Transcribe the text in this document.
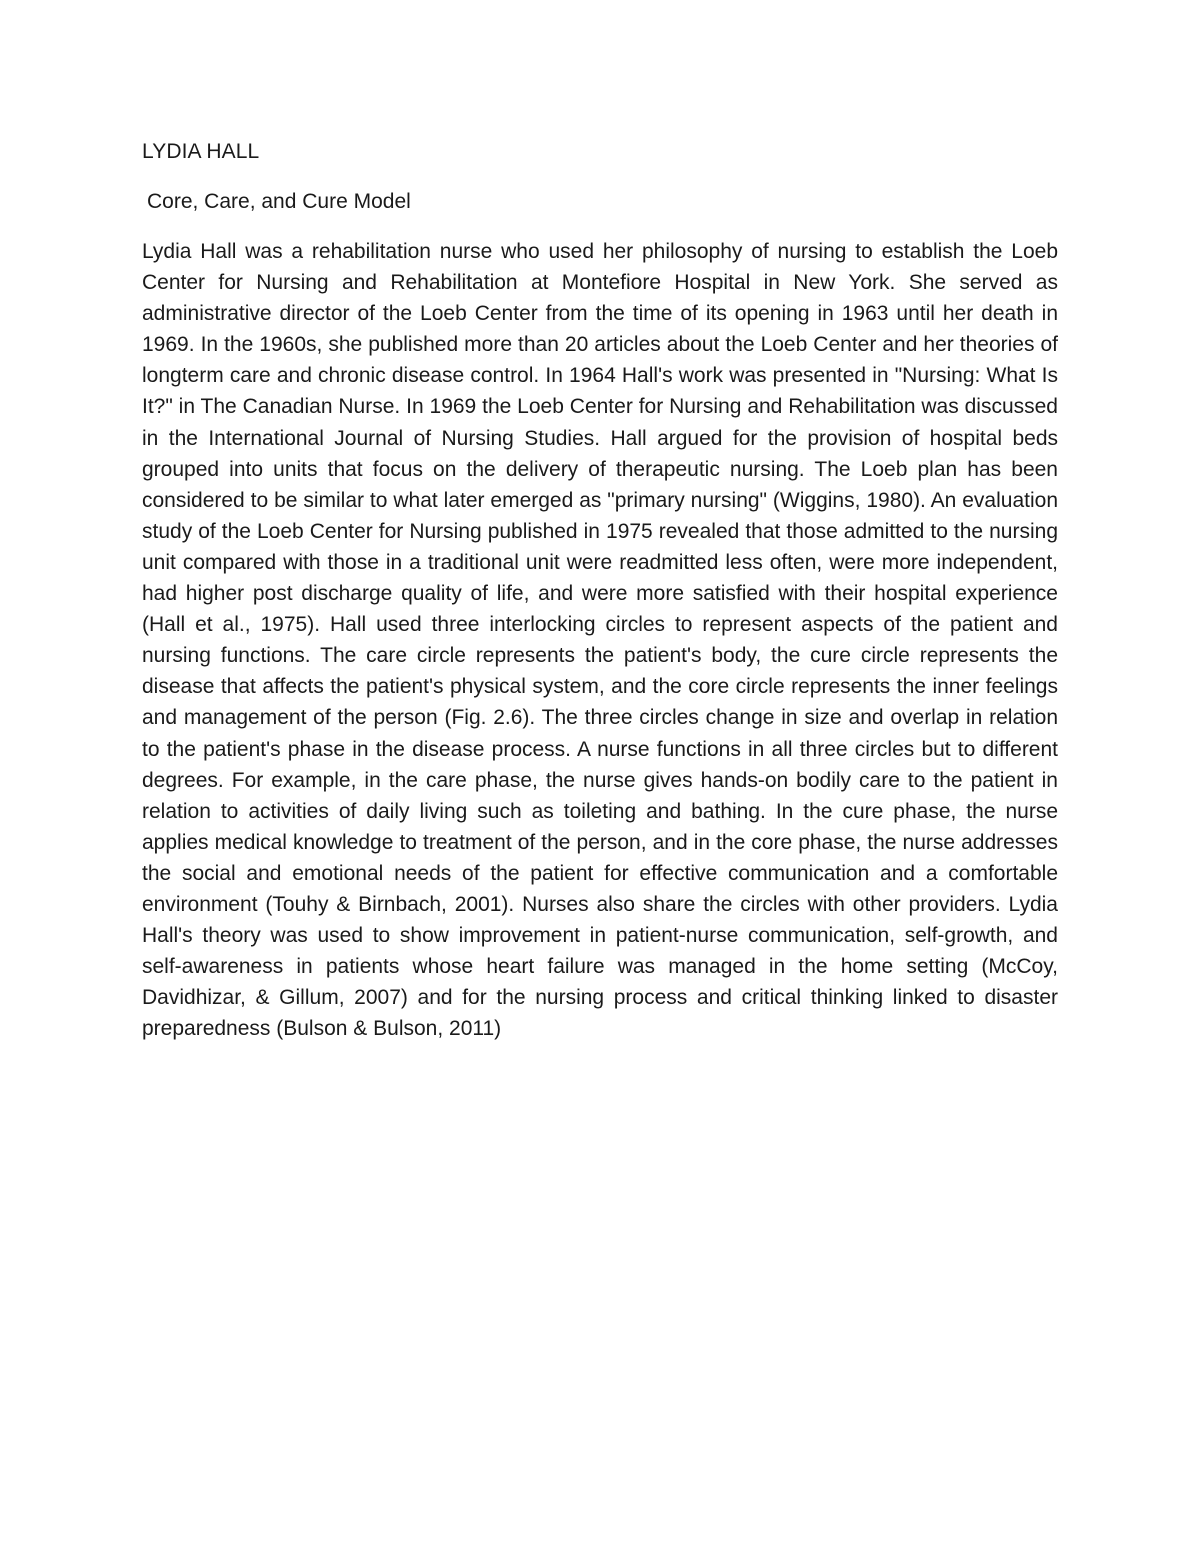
LYDIA HALL

Core, Care, and Cure Model

Lydia Hall was a rehabilitation nurse who used her philosophy of nursing to establish the Loeb Center for Nursing and Rehabilitation at Montefiore Hospital in New York. She served as administrative director of the Loeb Center from the time of its opening in 1963 until her death in 1969. In the 1960s, she published more than 20 articles about the Loeb Center and her theories of longterm care and chronic disease control. In 1964 Hall's work was presented in "Nursing: What Is It?" in The Canadian Nurse. In 1969 the Loeb Center for Nursing and Rehabilitation was discussed in the International Journal of Nursing Studies. Hall argued for the provision of hospital beds grouped into units that focus on the delivery of therapeutic nursing. The Loeb plan has been considered to be similar to what later emerged as "primary nursing" (Wiggins, 1980). An evaluation study of the Loeb Center for Nursing published in 1975 revealed that those admitted to the nursing unit compared with those in a traditional unit were readmitted less often, were more independent, had higher post discharge quality of life, and were more satisfied with their hospital experience (Hall et al., 1975). Hall used three interlocking circles to represent aspects of the patient and nursing functions. The care circle represents the patient's body, the cure circle represents the disease that affects the patient's physical system, and the core circle represents the inner feelings and management of the person (Fig. 2.6). The three circles change in size and overlap in relation to the patient's phase in the disease process. A nurse functions in all three circles but to different degrees. For example, in the care phase, the nurse gives hands-on bodily care to the patient in relation to activities of daily living such as toileting and bathing. In the cure phase, the nurse applies medical knowledge to treatment of the person, and in the core phase, the nurse addresses the social and emotional needs of the patient for effective communication and a comfortable environment (Touhy & Birnbach, 2001). Nurses also share the circles with other providers. Lydia Hall's theory was used to show improvement in patient-nurse communication, self-growth, and self-awareness in patients whose heart failure was managed in the home setting (McCoy, Davidhizar, & Gillum, 2007) and for the nursing process and critical thinking linked to disaster preparedness (Bulson & Bulson, 2011)
